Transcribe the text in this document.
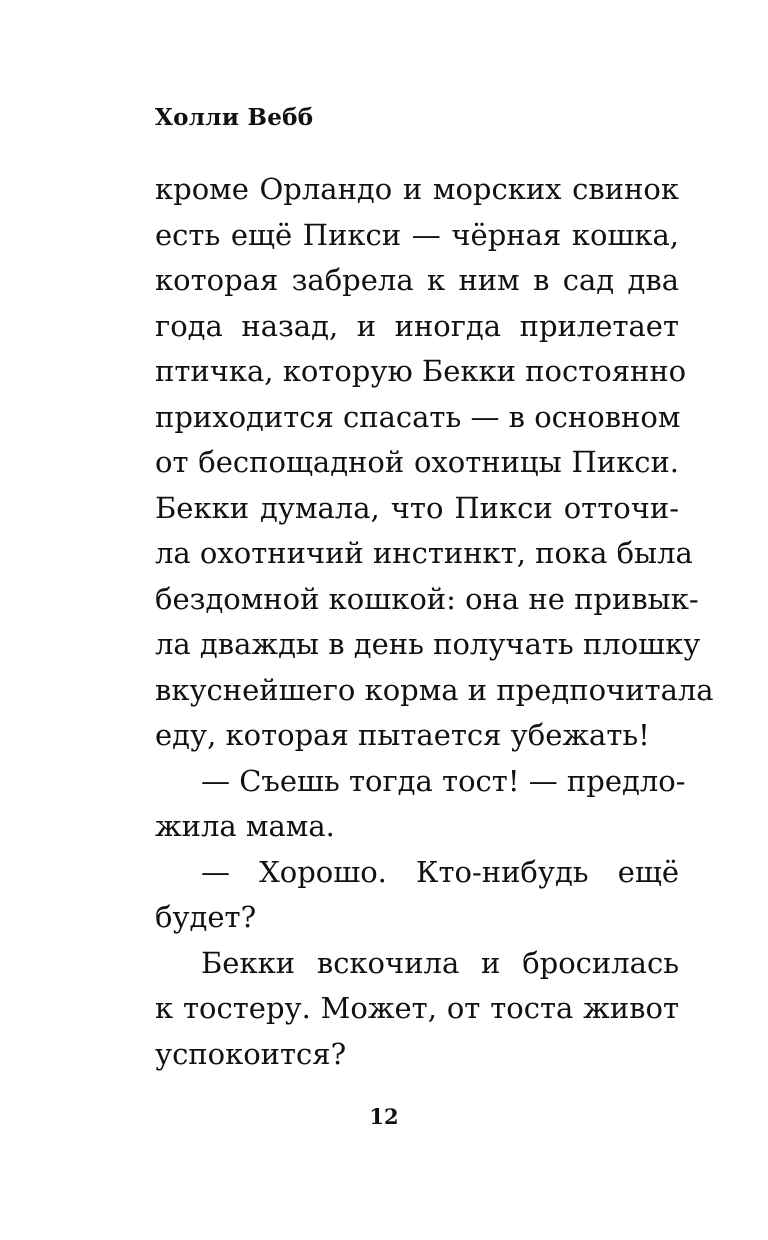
Холли Вебб
кроме Орландо и морских свинок
есть ещё Пикси — чёрная кошка,
которая забрела к ним в сад два
года назад, и иногда прилетает
птичка, которую Бекки постоянно
приходится спасать — в основном
от беспощадной охотницы Пикси.
Бекки думала, что Пикси отточи-
ла охотничий инстинкт, пока была
бездомной кошкой: она не привык-
ла дважды в день получать плошку
вкуснейшего корма и предпочитала
еду, которая пытается убежать!
— Съешь тогда тост! — предло-
жила мама.
— Хорошо. Кто-нибудь ещё
будет?
Бекки вскочила и бросилась
к тостеру. Может, от тоста живот
успокоится?
12
